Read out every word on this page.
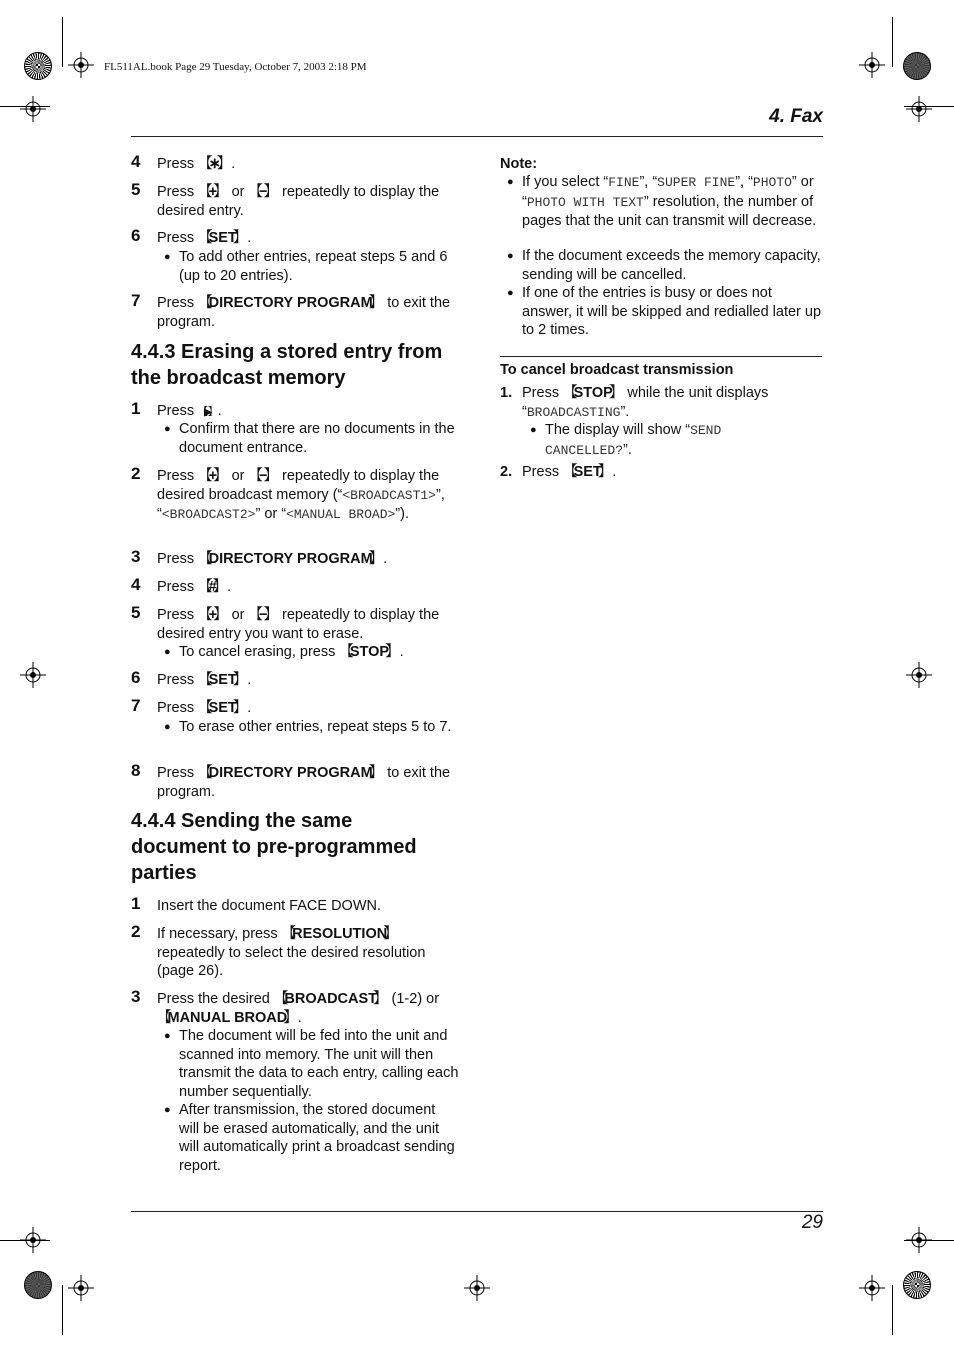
FL511AL.book Page 29 Tuesday, October 7, 2003 2:18 PM
4. Fax
4 Press 【 ∗ 】 .
5 Press 【 + 】 or 【 − 】 repeatedly to display the desired entry.
6 Press 【 SET 】 .
● To add other entries, repeat steps 5 and 6 (up to 20 entries).
7 Press 【 DIRECTORY PROGRAM 】 to exit the program.
4.4.3 Erasing a stored entry from the broadcast memory
1 Press 【 ▶ 】 .
● Confirm that there are no documents in the document entrance.
2 Press 【 + 】 or 【 − 】 repeatedly to display the desired broadcast memory (“<BROADCAST1>”, “<BROADCAST2>” or “<MANUAL BROAD>”).
3 Press 【 DIRECTORY PROGRAM 】 .
4 Press 【 # 】 .
5 Press 【 + 】 or 【 − 】 repeatedly to display the desired entry you want to erase.
● To cancel erasing, press 【 STOP 】 .
6 Press 【 SET 】 .
7 Press 【 SET 】 .
● To erase other entries, repeat steps 5 to 7.
8 Press 【 DIRECTORY PROGRAM 】 to exit the program.
4.4.4 Sending the same document to pre-programmed parties
1 Insert the document FACE DOWN.
2 If necessary, press 【 RESOLUTION 】 repeatedly to select the desired resolution (page 26).
3 Press the desired 【 BROADCAST 】 (1-2) or 【 MANUAL BROAD 】 .
● The document will be fed into the unit and scanned into memory. The unit will then transmit the data to each entry, calling each number sequentially.
● After transmission, the stored document will be erased automatically, and the unit will automatically print a broadcast sending report.
Note:
● If you select “FINE”, “SUPER FINE”, “PHOTO” or “PHOTO WITH TEXT” resolution, the number of pages that the unit can transmit will decrease.
● If the document exceeds the memory capacity, sending will be cancelled.
● If one of the entries is busy or does not answer, it will be skipped and redialled later up to 2 times.
To cancel broadcast transmission
1. Press 【 STOP 】 while the unit displays
“BROADCASTING”.
● The display will show “SEND
CANCELLED?”.
2. Press 【 SET 】 .
29
